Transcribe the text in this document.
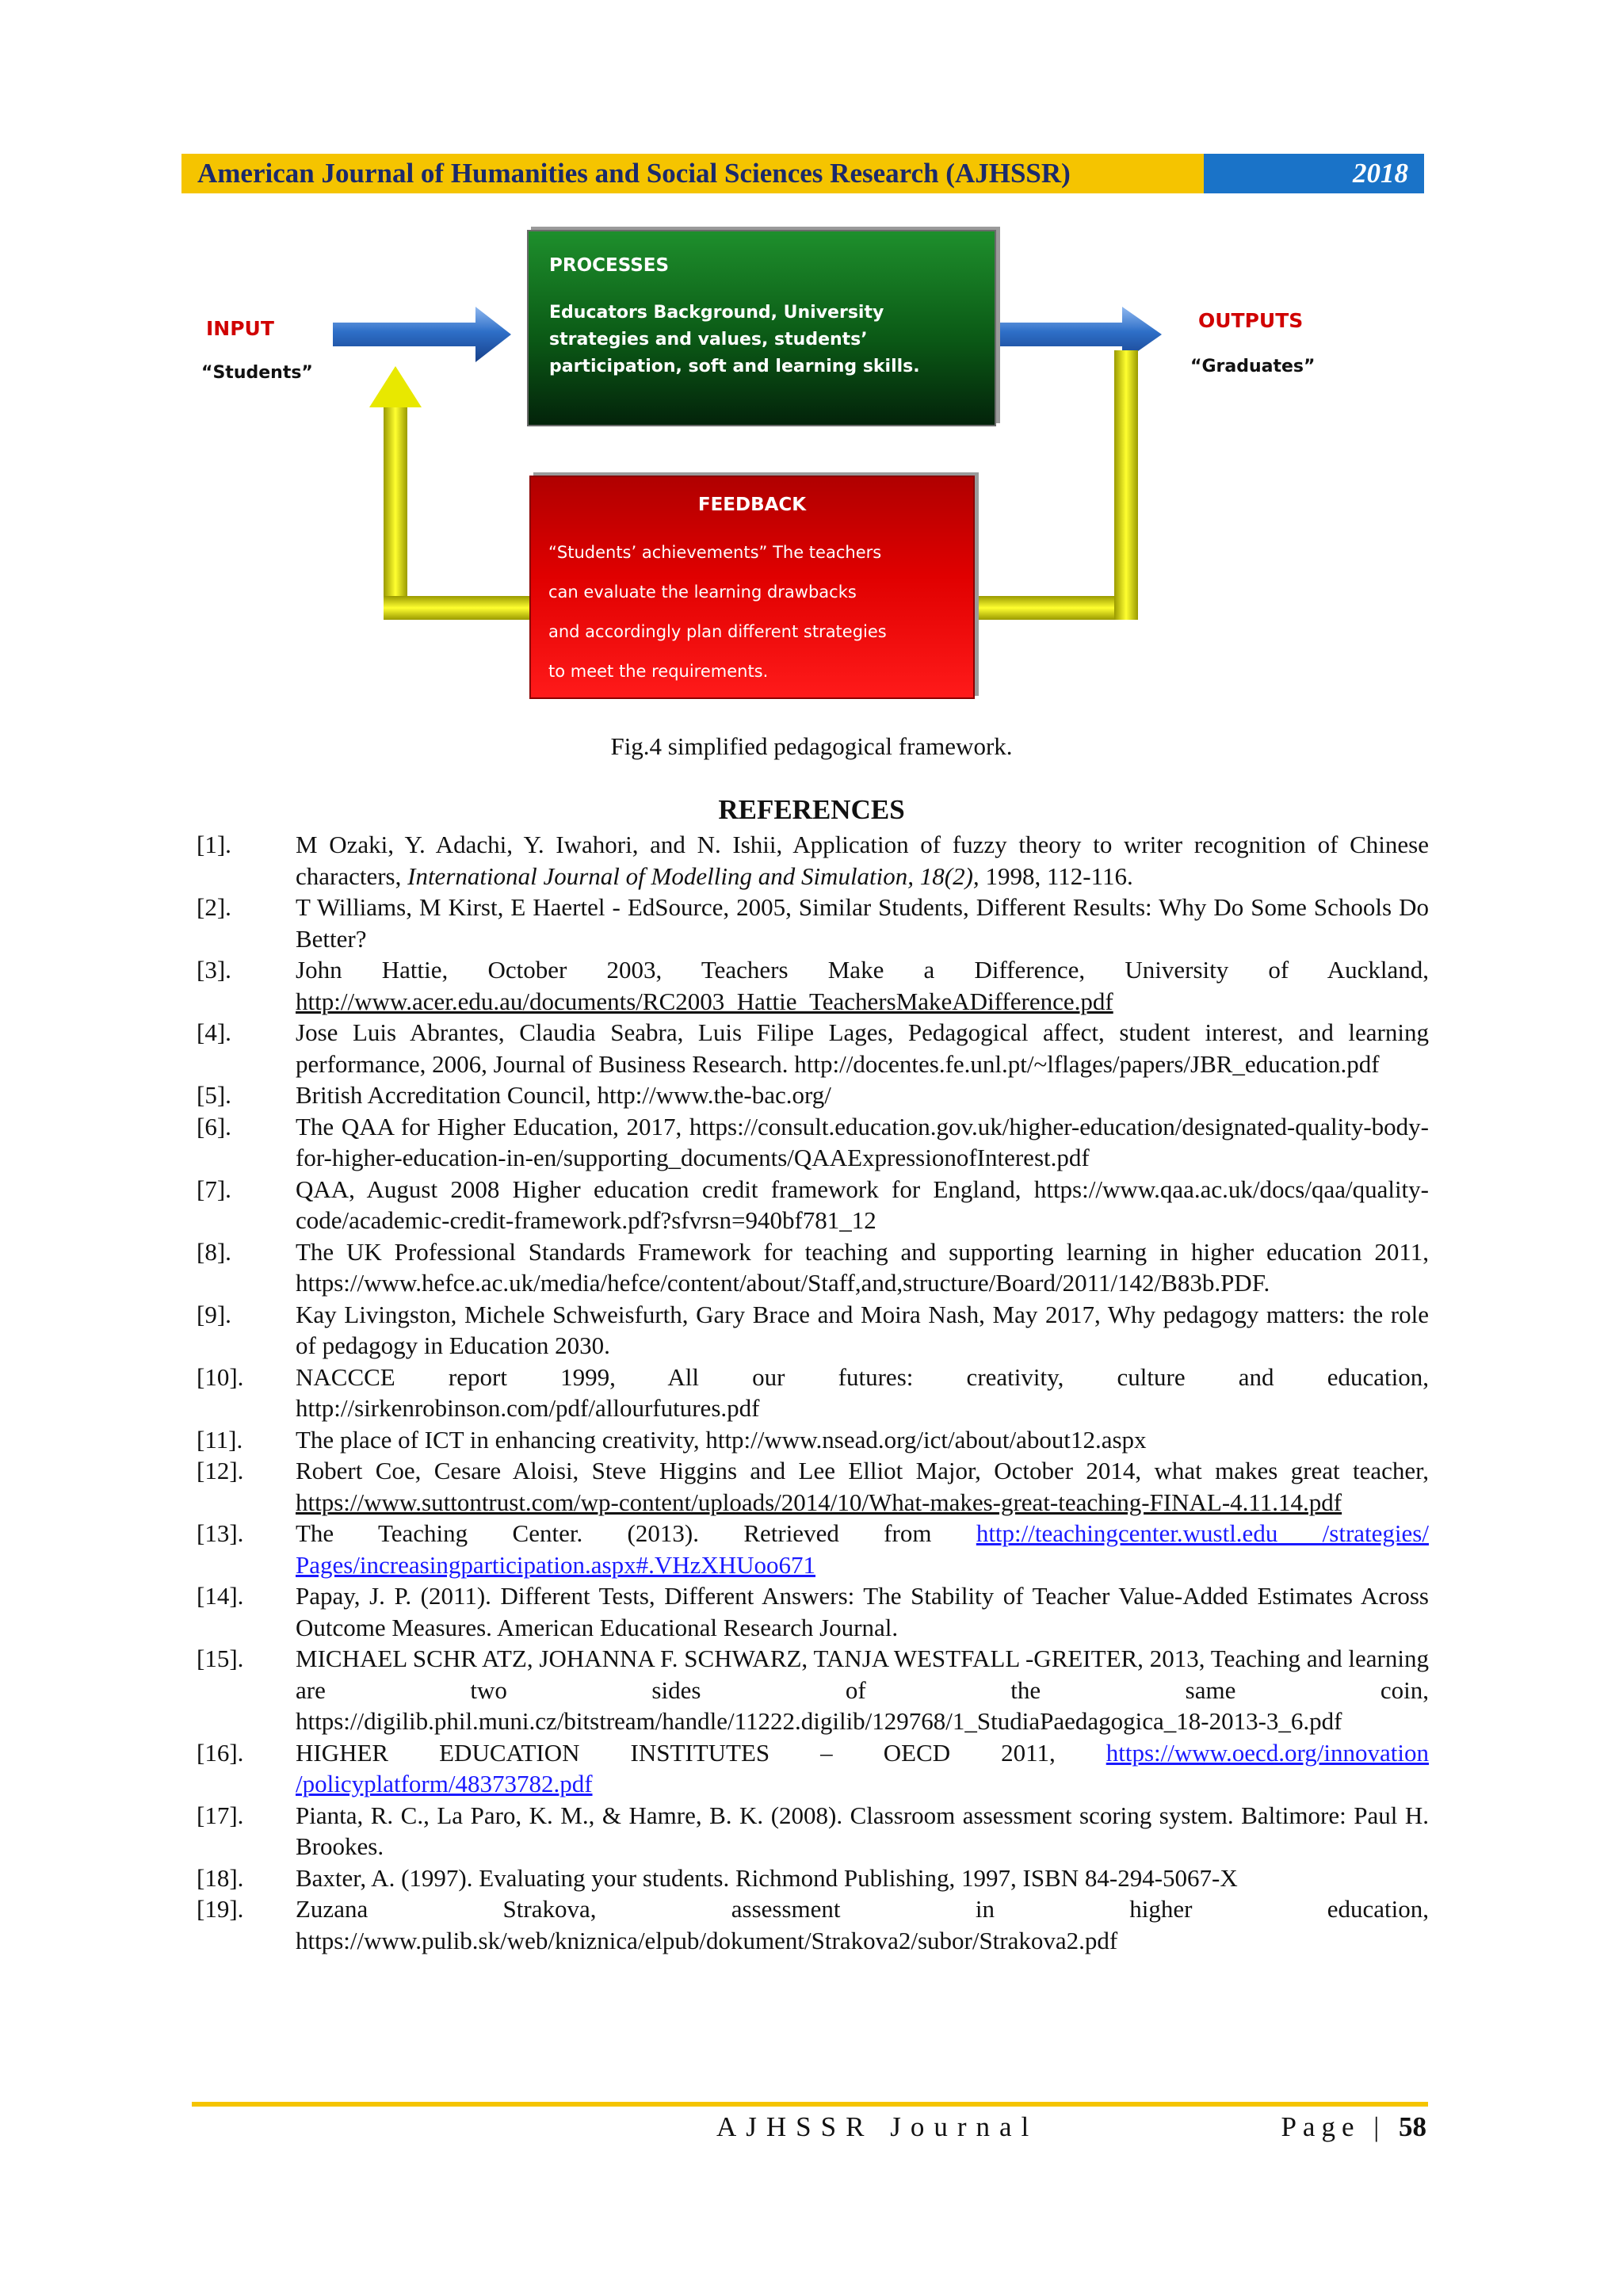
American Journal of Humanities and Social Sciences Research (AJHSSR)	2018
INPUT
“Students”
PROCESSES
Educators Background, University
strategies and values, students’
participation, soft and learning skills.
OUTPUTS
“Graduates”
FEEDBACK
“Students’ achievements” The teachers
can evaluate the learning drawbacks
and accordingly plan different strategies
to meet the requirements.
Fig.4 simplified pedagogical framework.
REFERENCES
[1].	M Ozaki, Y. Adachi, Y. Iwahori, and N. Ishii, Application of fuzzy theory to writer recognition of Chinese characters, International Journal of Modelling and Simulation, 18(2), 1998, 112-116.
[2].	T Williams, M Kirst, E Haertel - EdSource, 2005, Similar Students, Different Results: Why Do Some Schools Do Better?
[3].	John Hattie, October 2003, Teachers Make a Difference, University of Auckland, http://www.acer.edu.au/documents/RC2003_Hattie_TeachersMakeADifference.pdf
[4].	Jose Luis Abrantes, Claudia Seabra, Luis Filipe Lages, Pedagogical affect, student interest, and learning performance, 2006, Journal of Business Research. http://docentes.fe.unl.pt/~lflages/papers/JBR_education.pdf
[5].	British Accreditation Council, http://www.the-bac.org/
[6].	The QAA for Higher Education, 2017, https://consult.education.gov.uk/higher-education/designated-quality-body-for-higher-education-in-en/supporting_documents/QAAExpressionofInterest.pdf
[7].	QAA, August 2008 Higher education credit framework for England, https://www.qaa.ac.uk/docs/qaa/quality-code/academic-credit-framework.pdf?sfvrsn=940bf781_12
[8].	The UK Professional Standards Framework for teaching and supporting learning in higher education 2011, https://www.hefce.ac.uk/media/hefce/content/about/Staff,and,structure/Board/2011/142/B83b.PDF.
[9].	Kay Livingston, Michele Schweisfurth, Gary Brace and Moira Nash, May 2017, Why pedagogy matters: the role of pedagogy in Education 2030.
[10].	NACCCE report 1999, All our futures: creativity, culture and education, http://sirkenrobinson.com/pdf/allourfutures.pdf
[11].	The place of ICT in enhancing creativity, http://www.nsead.org/ict/about/about12.aspx
[12].	Robert Coe, Cesare Aloisi, Steve Higgins and Lee Elliot Major, October 2014, what makes great teacher, https://www.suttontrust.com/wp-content/uploads/2014/10/What-makes-great-teaching-FINAL-4.11.14.pdf
[13].	The Teaching Center. (2013). Retrieved from http://teachingcenter.wustl.edu /strategies/ Pages/increasingparticipation.aspx#.VHzXHUoo671
[14].	Papay, J. P. (2011). Different Tests, Different Answers: The Stability of Teacher Value-Added Estimates Across Outcome Measures. American Educational Research Journal.
[15].	MICHAEL SCHR ATZ, JOHANNA F. SCHWARZ, TANJA WESTFALL -GREITER, 2013, Teaching and learning are two sides of the same coin, https://digilib.phil.muni.cz/bitstream/handle/11222.digilib/129768/1_StudiaPaedagogica_18-2013-3_6.pdf
[16].	HIGHER EDUCATION INSTITUTES – OECD 2011, https://www.oecd.org/innovation /policyplatform/48373782.pdf
[17].	Pianta, R. C., La Paro, K. M., & Hamre, B. K. (2008). Classroom assessment scoring system. Baltimore: Paul H. Brookes.
[18].	Baxter, A. (1997). Evaluating your students. Richmond Publishing, 1997, ISBN 84-294-5067-X
[19].	Zuzana Strakova, assessment in higher education, https://www.pulib.sk/web/kniznica/elpub/dokument/Strakova2/subor/Strakova2.pdf
AJHSSR Journal	Page | 58
